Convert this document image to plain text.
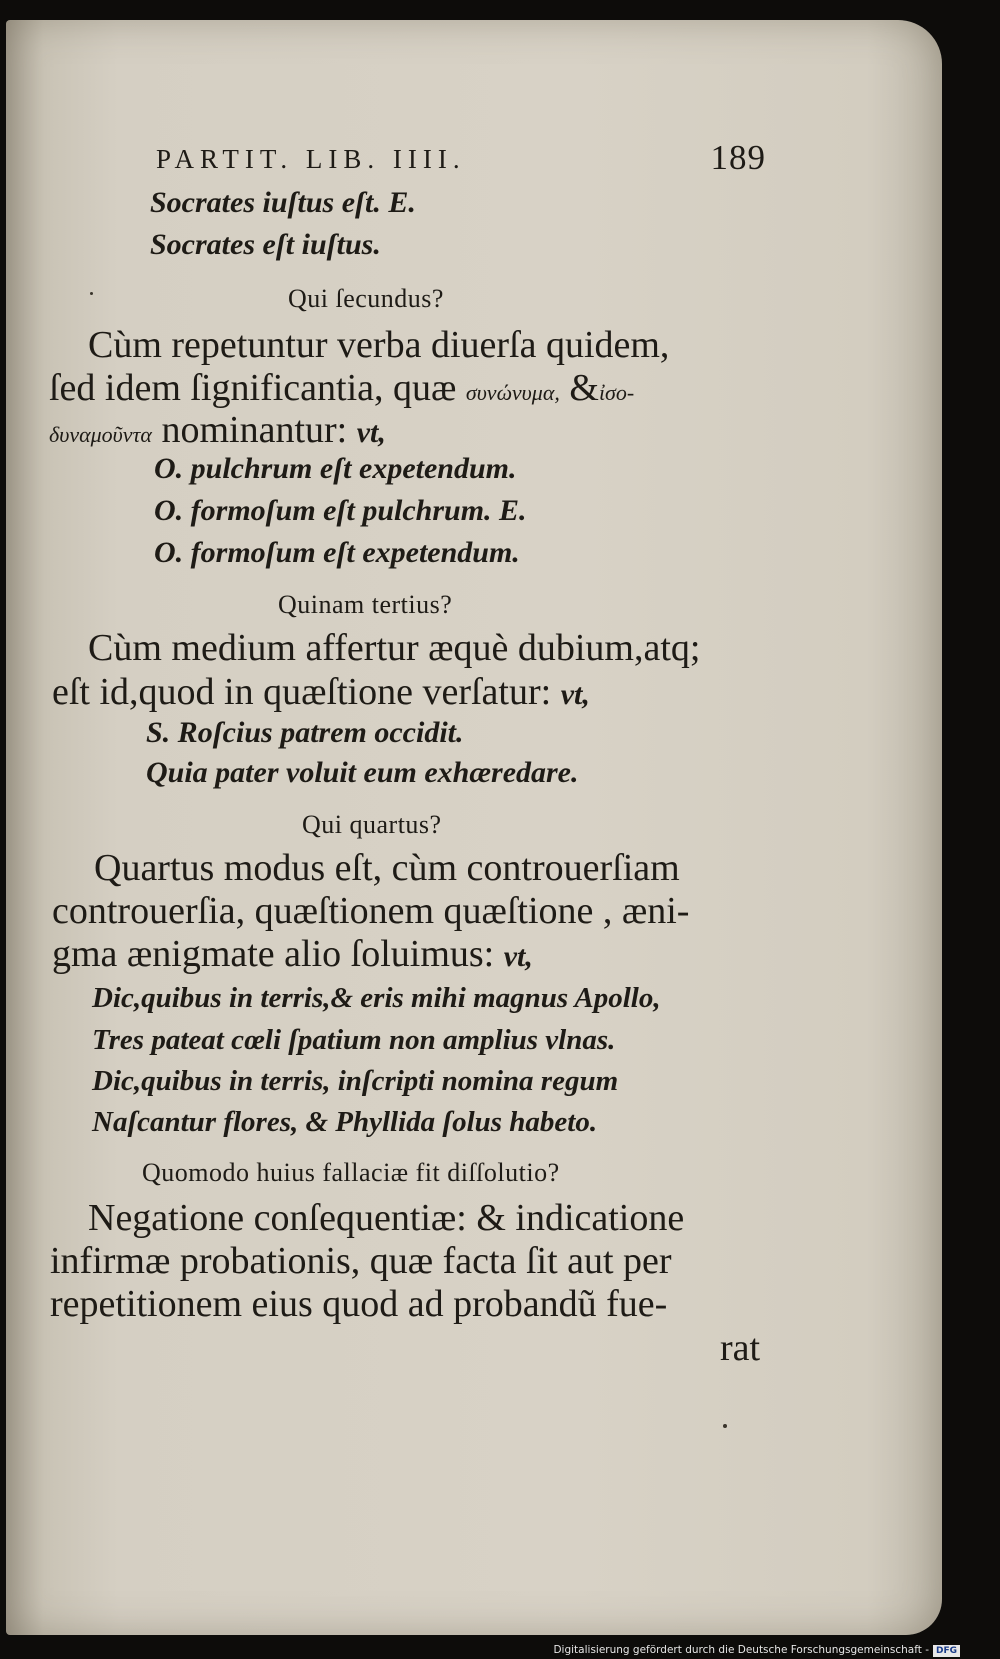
PARTIT. LIB. IIII.	189
Socrates iuſtus eſt. E.
Socrates eſt iuſtus.
Qui ſecundus?
Cùm repetuntur verba diuerſa quidem,
ſed idem ſignificantia, quæ συνώνυμα, &ἰσο-
δυναμοῦντα nominantur: vt,
O. pulchrum eſt expetendum.
O. formoſum eſt pulchrum. E.
O. formoſum eſt expetendum.
Quinam tertius?
Cùm medium affertur æquè dubium,atq;
eſt id,quod in quæſtione verſatur: vt,
S. Roſcius patrem occidit.
Quia pater voluit eum exhæredare.
Qui quartus?
Quartus modus eſt, cùm controuerſiam
controuerſia, quæſtionem quæſtione , æni-
gma ænigmate alio ſoluimus: vt,
Dic,quibus in terris,& eris mihi magnus Apollo,
Tres pateat cœli ſpatium non amplius vlnas.
Dic,quibus in terris, inſcripti nomina regum
Naſcantur flores, & Phyllida ſolus habeto.
Quomodo huius fallaciæ fit diſſolutio?
Negatione conſequentiæ: & indicatione
infirmæ probationis, quæ facta ſit aut per
repetitionem eius quod ad probandũ fue-
rat
Digitalisierung gefördert durch die Deutsche Forschungsgemeinschaft - DFG
